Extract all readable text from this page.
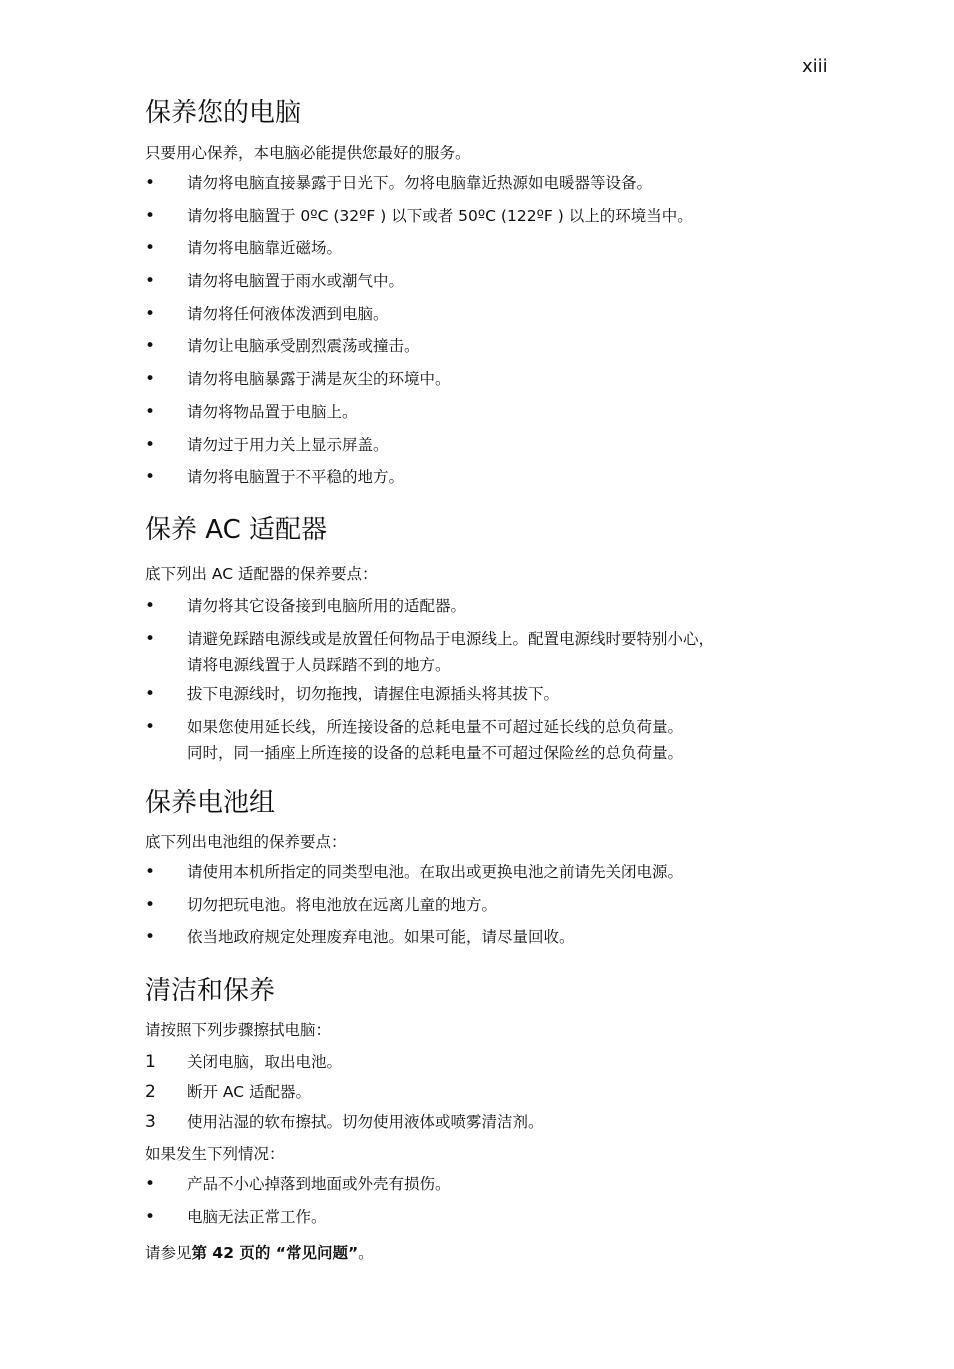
xiii
保养您的电脑

只要用心保养，本电脑必能提供您最好的服务。

•	请勿将电脑直接暴露于日光下。勿将电脑靠近热源如电暖器等设备。
•	请勿将电脑置于 0ºC (32ºF ) 以下或者 50ºC (122ºF ) 以上的环境当中。
•	请勿将电脑靠近磁场。
•	请勿将电脑置于雨水或潮气中。
•	请勿将任何液体泼洒到电脑。
•	请勿让电脑承受剧烈震荡或撞击。
•	请勿将电脑暴露于满是灰尘的环境中。
•	请勿将物品置于电脑上。
•	请勿过于用力关上显示屏盖。
•	请勿将电脑置于不平稳的地方。
保养 AC 适配器

底下列出 AC 适配器的保养要点：

•	请勿将其它设备接到电脑所用的适配器。
•	请避免踩踏电源线或是放置任何物品于电源线上。配置电源线时要特别小心，
请将电源线置于人员踩踏不到的地方。
•	拔下电源线时，切勿拖拽，请握住电源插头将其拔下。
•	如果您使用延长线，所连接设备的总耗电量不可超过延长线的总负荷量。
同时，同一插座上所连接的设备的总耗电量不可超过保险丝的总负荷量。
保养电池组

底下列出电池组的保养要点：

•	请使用本机所指定的同类型电池。在取出或更换电池之前请先关闭电源。
•	切勿把玩电池。将电池放在远离儿童的地方。
•	依当地政府规定处理废弃电池。如果可能，请尽量回收。
清洁和保养

请按照下列步骤擦拭电脑：

1	关闭电脑，取出电池。
2	断开 AC 适配器。
3	使用沾湿的软布擦拭。切勿使用液体或喷雾清洁剂。

如果发生下列情况：

•	产品不小心掉落到地面或外壳有损伤。
•	电脑无法正常工作。

请参见第 42 页的 “常见问题”。
